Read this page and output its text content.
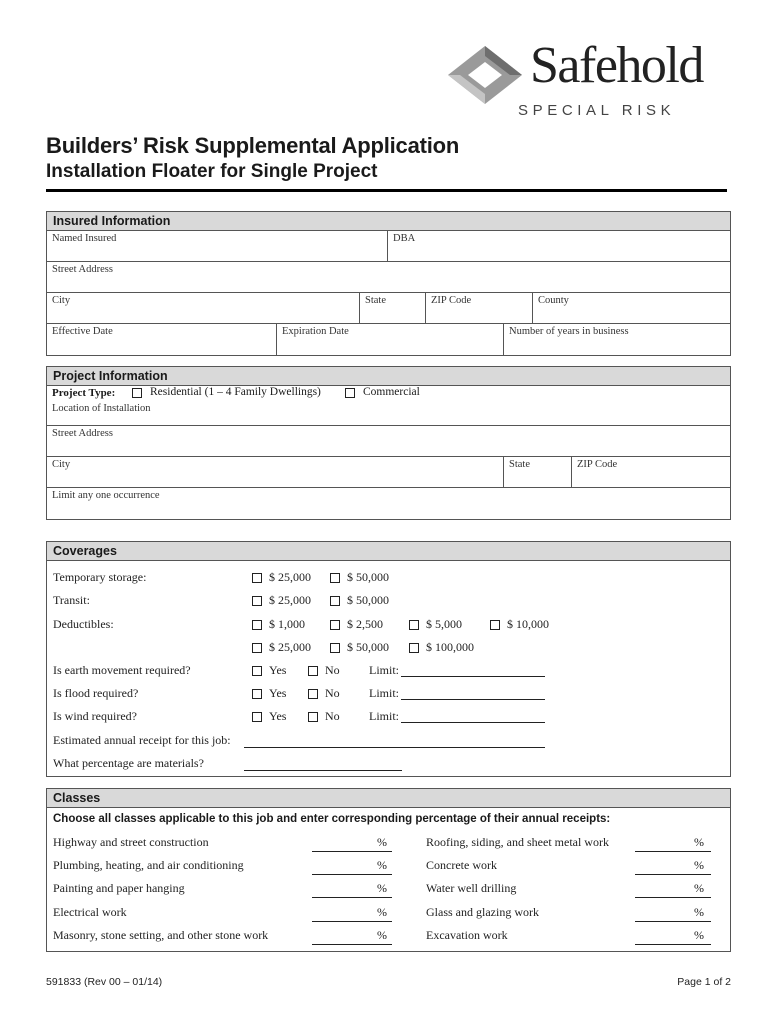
Safehold
SPECIAL RISK
Builders’ Risk Supplemental Application
Installation Floater for Single Project
Insured Information
Named Insured	DBA
Street Address
City	State	ZIP Code	County
Effective Date	Expiration Date	Number of years in business
Project Information
Project Type:	Residential (1 – 4 Family Dwellings)	Commercial
Location of Installation
Street Address
City	State	ZIP Code
Limit any one occurrence
Coverages
Temporary storage:	$ 25,000	$ 50,000
Transit:	$ 25,000	$ 50,000
Deductibles:	$ 1,000	$ 2,500	$ 5,000	$ 10,000
$ 25,000	$ 50,000	$ 100,000
Is earth movement required?	Yes	No Limit:
Is flood required?	Yes	No Limit:
Is wind required?	Yes	No Limit:
Estimated annual receipt for this job:
What percentage are materials?
Classes
Choose all classes applicable to this job and enter corresponding percentage of their annual receipts:
Highway and street construction	%
Plumbing, heating, and air conditioning	%
Painting and paper hanging	%
Electrical work	%
Masonry, stone setting, and other stone work	%
Roofing, siding, and sheet metal work	%
Concrete work	%
Water well drilling	%
Glass and glazing work	%
Excavation work	%
591833 (Rev 00 – 01/14)	Page 1 of 2
